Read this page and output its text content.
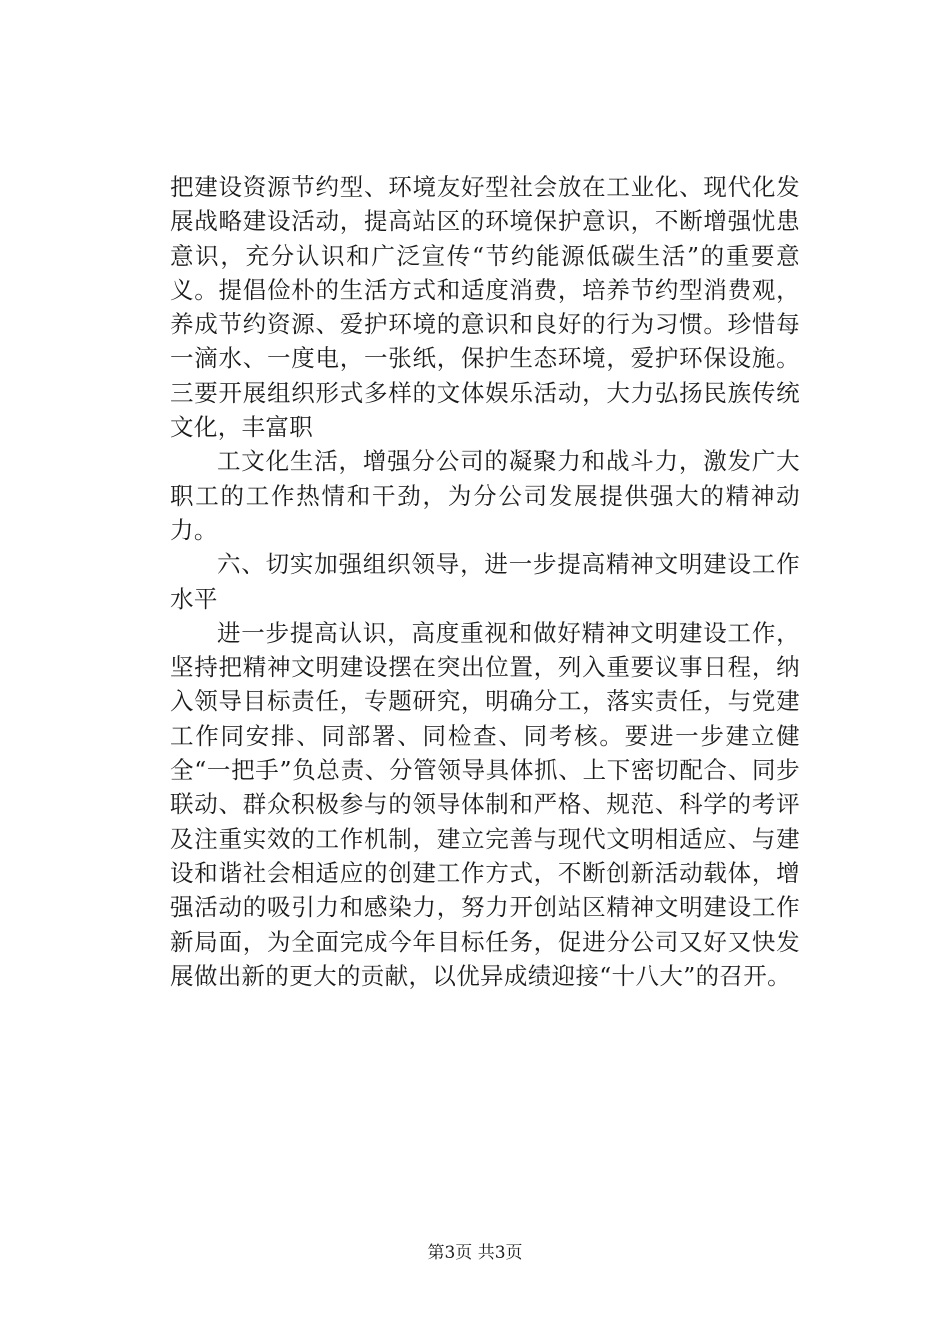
把建设资源节约型、环境友好型社会放在工业化、现代化发展战略建设活动，提高站区的环境保护意识，不断增强忧患意识，充分认识和广泛宣传“节约能源低碳生活”的重要意义。提倡俭朴的生活方式和适度消费，培养节约型消费观，养成节约资源、爱护环境的意识和良好的行为习惯。珍惜每一滴水、一度电，一张纸，保护生态环境，爱护环保设施。三要开展组织形式多样的文体娱乐活动，大力弘扬民族传统文化，丰富职

工文化生活，增强分公司的凝聚力和战斗力，激发广大职工的工作热情和干劲，为分公司发展提供强大的精神动力。

六、切实加强组织领导，进一步提高精神文明建设工作水平

进一步提高认识，高度重视和做好精神文明建设工作，坚持把精神文明建设摆在突出位置，列入重要议事日程，纳入领导目标责任，专题研究，明确分工，落实责任，与党建工作同安排、同部署、同检查、同考核。要进一步建立健全“一把手”负总责、分管领导具体抓、上下密切配合、同步联动、群众积极参与的领导体制和严格、规范、科学的考评及注重实效的工作机制，建立完善与现代文明相适应、与建设和谐社会相适应的创建工作方式，不断创新活动载体，增强活动的吸引力和感染力，努力开创站区精神文明建设工作新局面，为全面完成今年目标任务，促进分公司又好又快发展做出新的更大的贡献，以优异成绩迎接“十八大”的召开。

第3页 共3页
